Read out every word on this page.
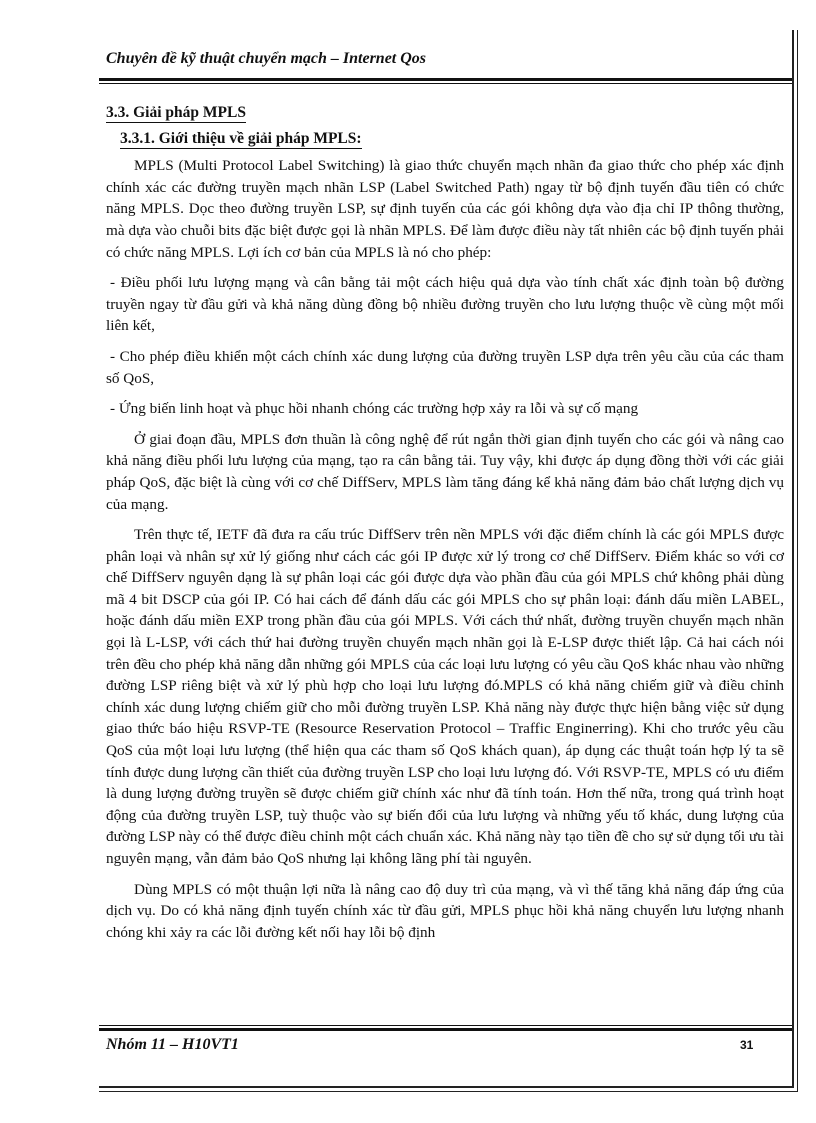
Chuyên đề kỹ thuật chuyển mạch – Internet Qos
3.3. Giải pháp MPLS
3.3.1. Giới thiệu về giải pháp MPLS:

MPLS (Multi Protocol Label Switching) là giao thức chuyển mạch nhãn đa giao thức cho phép xác định chính xác các đường truyền mạch nhãn LSP (Label Switched Path) ngay từ bộ định tuyến đầu tiên có chức năng MPLS. Dọc theo đường truyền LSP, sự định tuyến của các gói không dựa vào địa chỉ IP thông thường, mà dựa vào chuỗi bits đặc biệt được gọi là nhãn MPLS. Để làm được điều này tất nhiên các bộ định tuyến phải có chức năng MPLS. Lợi ích cơ bản của MPLS là nó cho phép:

- Điều phối lưu lượng mạng và cân bằng tải một cách hiệu quả dựa vào tính chất xác định toàn bộ đường truyền ngay từ đầu gửi và khả năng dùng đồng bộ nhiều đường truyền cho lưu lượng thuộc về cùng một mối liên kết,

- Cho phép điều khiển một cách chính xác dung lượng của đường truyền LSP dựa trên yêu cầu của các tham số QoS,

- Ứng biến linh hoạt và phục hồi nhanh chóng các trường hợp xảy ra lỗi và sự cố mạng

Ở giai đoạn đầu, MPLS đơn thuần là công nghệ để rút ngắn thời gian định tuyến cho các gói và nâng cao khả năng điều phối lưu lượng của mạng, tạo ra cân bằng tải. Tuy vậy, khi được áp dụng đồng thời với các giải pháp QoS, đặc biệt là cùng với cơ chế DiffServ, MPLS làm tăng đáng kể khả năng đảm bảo chất lượng dịch vụ của mạng.

Trên thực tế, IETF đã đưa ra cấu trúc DiffServ trên nền MPLS với đặc điểm chính là các gói MPLS được phân loại và nhân sự xử lý giống như cách các gói IP được xử lý trong cơ chế DiffServ. Điểm khác so với cơ chế DiffServ nguyên dạng là sự phân loại các gói được dựa vào phần đầu của gói MPLS chứ không phải dùng mã 4 bit DSCP của gói IP. Có hai cách để đánh dấu các gói MPLS cho sự phân loại: đánh dấu miền LABEL, hoặc đánh dấu miền EXP trong phần đầu của gói MPLS. Với cách thứ nhất, đường truyền chuyển mạch nhãn gọi là L-LSP, với cách thứ hai đường truyền chuyển mạch nhãn gọi là E-LSP được thiết lập. Cả hai cách nói trên đều cho phép khả năng dẫn những gói MPLS của các loại lưu lượng có yêu cầu QoS khác nhau vào những đường LSP riêng biệt và xử lý phù hợp cho loại lưu lượng đó.MPLS có khả năng chiếm giữ và điều chỉnh chính xác dung lượng chiếm giữ cho mỗi đường truyền LSP. Khả năng này được thực hiện bằng việc sử dụng giao thức báo hiệu RSVP-TE (Resource Reservation Protocol – Traffic Enginerring). Khi cho trước yêu cầu QoS của một loại lưu lượng (thể hiện qua các tham số QoS khách quan), áp dụng các thuật toán hợp lý ta sẽ tính được dung lượng cần thiết của đường truyền LSP cho loại lưu lượng đó. Với RSVP-TE, MPLS có ưu điểm là dung lượng đường truyền sẽ được chiếm giữ chính xác như đã tính toán. Hơn thế nữa, trong quá trình hoạt động của đường truyền LSP, tuỳ thuộc vào sự biến đổi của lưu lượng và những yếu tố khác, dung lượng của đường LSP này có thể được điều chỉnh một cách chuẩn xác. Khả năng này tạo tiền đề cho sự sử dụng tối ưu tài nguyên mạng, vẫn đảm bảo QoS nhưng lại không lãng phí tài nguyên.

Dùng MPLS có một thuận lợi nữa là nâng cao độ duy trì của mạng, và vì thế tăng khả năng đáp ứng của dịch vụ. Do có khả năng định tuyến chính xác từ đầu gửi, MPLS phục hồi khả năng chuyển lưu lượng nhanh chóng khi xảy ra các lỗi đường kết nối hay lỗi bộ định

Nhóm 11 – H10VT1	31
